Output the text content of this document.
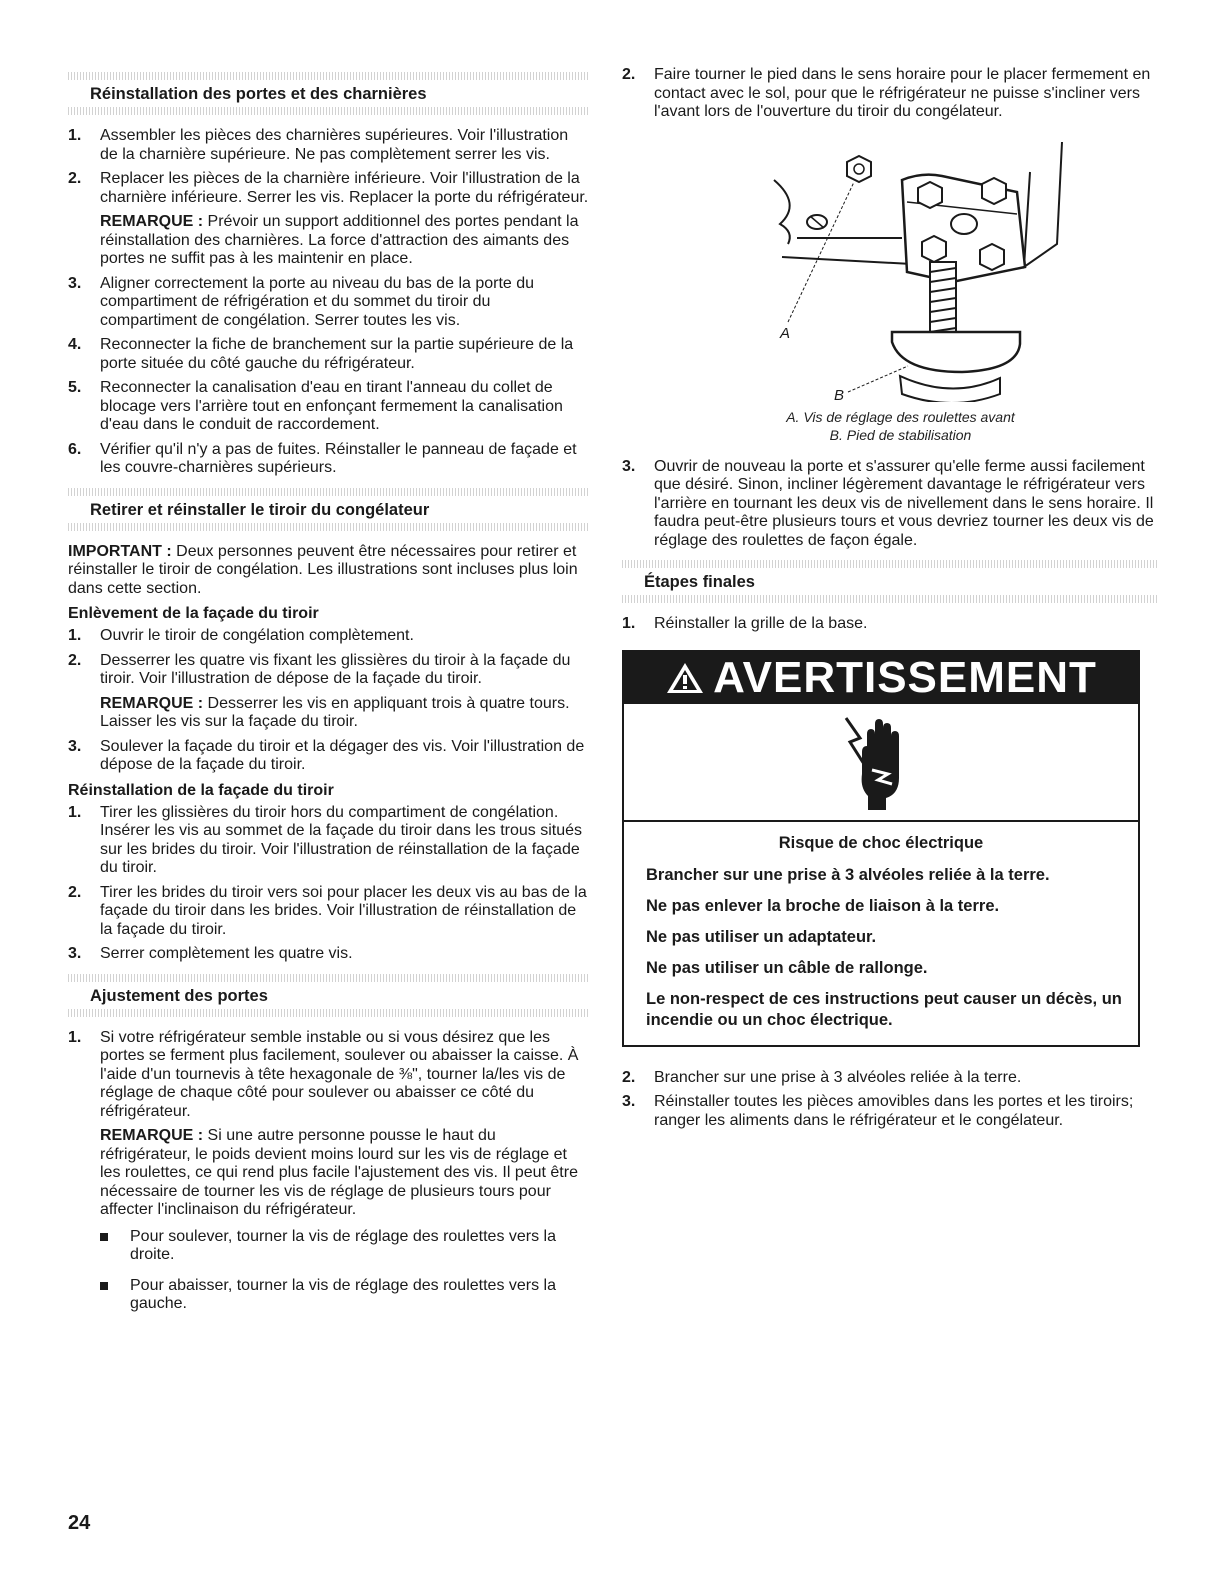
Réinstallation des portes et des charnières
1. Assembler les pièces des charnières supérieures. Voir l'illustration de la charnière supérieure. Ne pas complètement serrer les vis.
2. Replacer les pièces de la charnière inférieure. Voir l'illustration de la charnière inférieure. Serrer les vis. Replacer la porte du réfrigérateur.
REMARQUE : Prévoir un support additionnel des portes pendant la réinstallation des charnières. La force d'attraction des aimants des portes ne suffit pas à les maintenir en place.
3. Aligner correctement la porte au niveau du bas de la porte du compartiment de réfrigération et du sommet du tiroir du compartiment de congélation. Serrer toutes les vis.
4. Reconnecter la fiche de branchement sur la partie supérieure de la porte située du côté gauche du réfrigérateur.
5. Reconnecter la canalisation d'eau en tirant l'anneau du collet de blocage vers l'arrière tout en enfonçant fermement la canalisation d'eau dans le conduit de raccordement.
6. Vérifier qu'il n'y a pas de fuites. Réinstaller le panneau de façade et les couvre-charnières supérieurs.
Retirer et réinstaller le tiroir du congélateur

IMPORTANT : Deux personnes peuvent être nécessaires pour retirer et réinstaller le tiroir de congélation. Les illustrations sont incluses plus loin dans cette section.

Enlèvement de la façade du tiroir
1. Ouvrir le tiroir de congélation complètement.
2. Desserrer les quatre vis fixant les glissières du tiroir à la façade du tiroir. Voir l'illustration de dépose de la façade du tiroir.
REMARQUE : Desserrer les vis en appliquant trois à quatre tours. Laisser les vis sur la façade du tiroir.
3. Soulever la façade du tiroir et la dégager des vis. Voir l'illustration de dépose de la façade du tiroir.
Réinstallation de la façade du tiroir
1. Tirer les glissières du tiroir hors du compartiment de congélation. Insérer les vis au sommet de la façade du tiroir dans les trous situés sur les brides du tiroir. Voir l'illustration de réinstallation de la façade du tiroir.
2. Tirer les brides du tiroir vers soi pour placer les deux vis au bas de la façade du tiroir dans les brides. Voir l'illustration de réinstallation de la façade du tiroir.
3. Serrer complètement les quatre vis.
Ajustement des portes
1. Si votre réfrigérateur semble instable ou si vous désirez que les portes se ferment plus facilement, soulever ou abaisser la caisse. À l'aide d'un tournevis à tête hexagonale de ⅜", tourner la/les vis de réglage de chaque côté pour soulever ou abaisser ce côté du réfrigérateur.
REMARQUE : Si une autre personne pousse le haut du réfrigérateur, le poids devient moins lourd sur les vis de réglage et les roulettes, ce qui rend plus facile l'ajustement des vis. Il peut être nécessaire de tourner les vis de réglage de plusieurs tours pour affecter l'inclinaison du réfrigérateur.
Pour soulever, tourner la vis de réglage des roulettes vers la droite.
Pour abaisser, tourner la vis de réglage des roulettes vers la gauche.
2. Faire tourner le pied dans le sens horaire pour le placer fermement en contact avec le sol, pour que le réfrigérateur ne puisse s'incliner vers l'avant lors de l'ouverture du tiroir du congélateur.
A
B
A. Vis de réglage des roulettes avant
B. Pied de stabilisation
3. Ouvrir de nouveau la porte et s'assurer qu'elle ferme aussi facilement que désiré. Sinon, incliner légèrement davantage le réfrigérateur vers l'arrière en tournant les deux vis de nivellement dans le sens horaire. Il faudra peut-être plusieurs tours et vous devriez tourner les deux vis de réglage des roulettes de façon égale.
Étapes finales
1. Réinstaller la grille de la base.
AVERTISSEMENT
Risque de choc électrique

Brancher sur une prise à 3 alvéoles reliée à la terre.

Ne pas enlever la broche de liaison à la terre.

Ne pas utiliser un adaptateur.

Ne pas utiliser un câble de rallonge.

Le non-respect de ces instructions peut causer un décès, un incendie ou un choc électrique.

2. Brancher sur une prise à 3 alvéoles reliée à la terre.
3. Réinstaller toutes les pièces amovibles dans les portes et les tiroirs; ranger les aliments dans le réfrigérateur et le congélateur.
24
